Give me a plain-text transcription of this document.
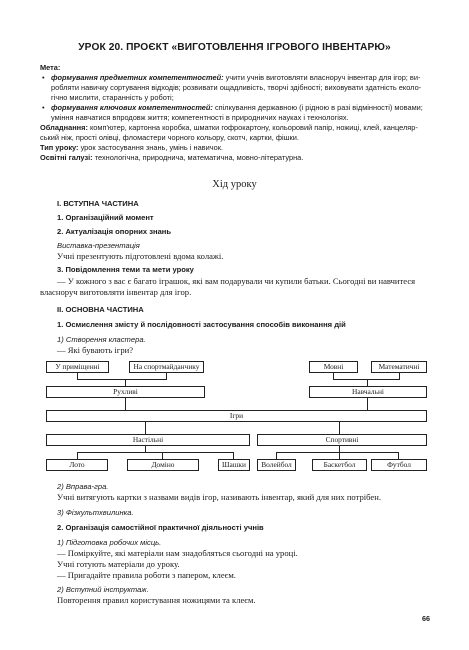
УРОК 20. ПРОЄКТ «ВИГОТОВЛЕННЯ ІГРОВОГО ІНВЕНТАРЮ»

Мета:

• формування предметних компетентностей: учити учнів виготовляти власноруч інвентар для ігор; ви-
робляти навичку сортування відходів; розвивати ощадливість, творчі здібності; виховувати здатність еколо-
гічно мислити, старанність у роботі;
• формування ключових компетентностей: спілкування державною (і рідною в разі відмінності) мовами;
уміння навчатися впродовж життя; компетентності в природничих науках і технологіях.

Обладнання: комп'ютер, картонна коробка, шматки гофрокартону, кольоровий папір, ножиці, клей, канцеляр-
ський ніж, прості олівці, фломастери чорного кольору, скотч, картки, фішки.

Тип уроку: урок застосування знань, умінь і навичок.

Освітні галузі: технологічна, природнича, математична, мовно-літературна.

Хід уроку
І. ВСТУПНА ЧАСТИНА
1. Організаційний момент
2. Актуалізація опорних знань
Виставка-презентація
Учні презентують підготовлені вдома колажі.
3. Повідомлення теми та мети уроку
— У кожного з вас є багато іграшок, які вам подарували чи купили батьки. Сьогодні ви навчитеся
власноруч виготовляти інвентар для ігор.
ІІ. ОСНОВНА ЧАСТИНА
1. Осмислення змісту й послідовності застосування способів виконання дій
1) Створення кластера.
— Які бувають ігри?
У приміщенні	На спортмайданчику	Мовні	Математичні
Рухливі	Навчальні
Ігри
Настільні	Спортивні
Лото	Доміно	Шашки	Волейбол	Баскетбол	Футбол
2) Вправа-гра.
Учні витягують картки з назвами видів ігор, називають інвентар, який для них потрібен.
3) Фізкультхвилинка.
2. Організація самостійної практичної діяльності учнів
1) Підготовка робочих місць.
— Поміркуйте, які матеріали нам знадобляться сьогодні на уроці.
Учні готують матеріали до уроку.
— Пригадайте правила роботи з папером, клеєм.
2) Вступний інструктаж.
Повторення правил користування ножицями та клеєм.
66
